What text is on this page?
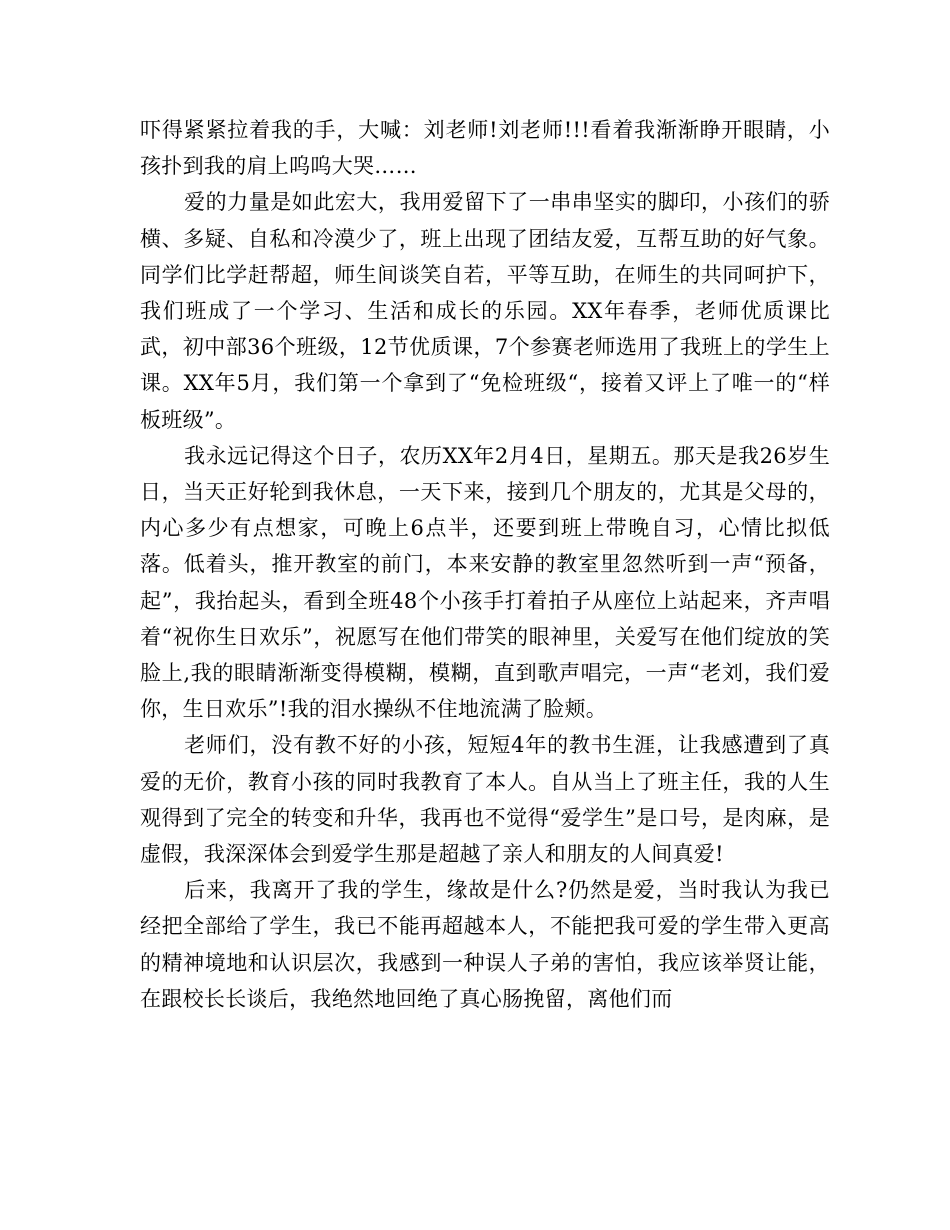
吓得紧紧拉着我的手，大喊：刘老师!刘老师!!!看着我渐渐睁开眼睛，小孩扑到我的肩上呜呜大哭……

爱的力量是如此宏大，我用爱留下了一串串坚实的脚印，小孩们的骄横、多疑、自私和冷漠少了，班上出现了团结友爱，互帮互助的好气象。同学们比学赶帮超，师生间谈笑自若，平等互助，在师生的共同呵护下，我们班成了一个学习、生活和成长的乐园。XX年春季，老师优质课比武，初中部36个班级，12节优质课，7个参赛老师选用了我班上的学生上课。XX年5月，我们第一个拿到了“免检班级“，接着又评上了唯一的“样板班级”。

我永远记得这个日子，农历XX年2月4日，星期五。那天是我26岁生日，当天正好轮到我休息，一天下来，接到几个朋友的，尤其是父母的，内心多少有点想家，可晚上6点半，还要到班上带晚自习，心情比拟低落。低着头，推开教室的前门，本来安静的教室里忽然听到一声“预备，起”，我抬起头，看到全班48个小孩手打着拍子从座位上站起来，齐声唱着“祝你生日欢乐”，祝愿写在他们带笑的眼神里，关爱写在他们绽放的笑脸上,我的眼睛渐渐变得模糊，模糊，直到歌声唱完，一声“老刘，我们爱你，生日欢乐”!我的泪水操纵不住地流满了脸颊。

老师们，没有教不好的小孩，短短4年的教书生涯，让我感遭到了真爱的无价，教育小孩的同时我教育了本人。自从当上了班主任，我的人生观得到了完全的转变和升华，我再也不觉得“爱学生”是口号，是肉麻，是虚假，我深深体会到爱学生那是超越了亲人和朋友的人间真爱!

后来，我离开了我的学生，缘故是什么?仍然是爱，当时我认为我已经把全部给了学生，我已不能再超越本人，不能把我可爱的学生带入更高的精神境地和认识层次，我感到一种误人子弟的害怕，我应该举贤让能，在跟校长长谈后，我绝然地回绝了真心肠挽留，离他们而
